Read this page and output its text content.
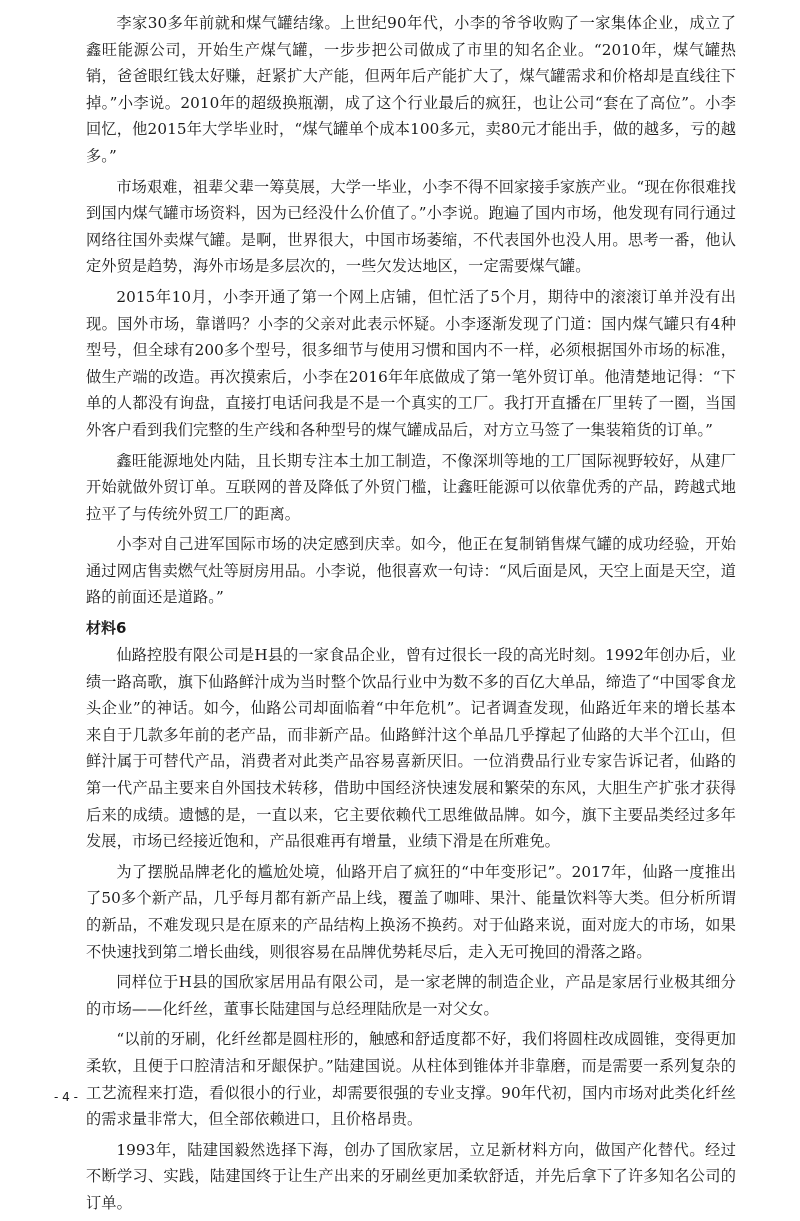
李家30多年前就和煤气罐结缘。上世纪90年代，小李的爷爷收购了一家集体企业，成立了鑫旺能源公司，开始生产煤气罐，一步步把公司做成了市里的知名企业。“2010年，煤气罐热销，爸爸眼红钱太好赚，赶紧扩大产能，但两年后产能扩大了，煤气罐需求和价格却是直线往下掉。”小李说。2010年的超级换瓶潮，成了这个行业最后的疯狂，也让公司“套在了高位”。小李回忆，他2015年大学毕业时，“煤气罐单个成本100多元，卖80元才能出手，做的越多，亏的越多。”

市场艰难，祖辈父辈一筹莫展，大学一毕业，小李不得不回家接手家族产业。“现在你很难找到国内煤气罐市场资料，因为已经没什么价值了。”小李说。跑遍了国内市场，他发现有同行通过网络往国外卖煤气罐。是啊，世界很大，中国市场萎缩，不代表国外也没人用。思考一番，他认定外贸是趋势，海外市场是多层次的，一些欠发达地区，一定需要煤气罐。

2015年10月，小李开通了第一个网上店铺，但忙活了5个月，期待中的滚滚订单并没有出现。国外市场，靠谱吗？小李的父亲对此表示怀疑。小李逐渐发现了门道：国内煤气罐只有4种型号，但全球有200多个型号，很多细节与使用习惯和国内不一样，必须根据国外市场的标准，做生产端的改造。再次摸索后，小李在2016年年底做成了第一笔外贸订单。他清楚地记得：“下单的人都没有询盘，直接打电话问我是不是一个真实的工厂。我打开直播在厂里转了一圈，当国外客户看到我们完整的生产线和各种型号的煤气罐成品后，对方立马签了一集装箱货的订单。”

鑫旺能源地处内陆，且长期专注本土加工制造，不像深圳等地的工厂国际视野较好，从建厂开始就做外贸订单。互联网的普及降低了外贸门槛，让鑫旺能源可以依靠优秀的产品，跨越式地拉平了与传统外贸工厂的距离。

小李对自己进军国际市场的决定感到庆幸。如今，他正在复制销售煤气罐的成功经验，开始通过网店售卖燃气灶等厨房用品。小李说，他很喜欢一句诗：“风后面是风，天空上面是天空，道路的前面还是道路。”

材料6

仙路控股有限公司是H县的一家食品企业，曾有过很长一段的高光时刻。1992年创办后，业绩一路高歌，旗下仙路鲜汁成为当时整个饮品行业中为数不多的百亿大单品，缔造了“中国零食龙头企业”的神话。如今，仙路公司却面临着“中年危机”。记者调查发现，仙路近年来的增长基本来自于几款多年前的老产品，而非新产品。仙路鲜汁这个单品几乎撑起了仙路的大半个江山，但鲜汁属于可替代产品，消费者对此类产品容易喜新厌旧。一位消费品行业专家告诉记者，仙路的第一代产品主要来自外国技术转移，借助中国经济快速发展和繁荣的东风，大胆生产扩张才获得后来的成绩。遗憾的是，一直以来，它主要依赖代工思维做品牌。如今，旗下主要品类经过多年发展，市场已经接近饱和，产品很难再有增量，业绩下滑是在所难免。

为了摆脱品牌老化的尴尬处境，仙路开启了疯狂的“中年变形记”。2017年，仙路一度推出了50多个新产品，几乎每月都有新产品上线，覆盖了咖啡、果汁、能量饮料等大类。但分析所谓的新品，不难发现只是在原来的产品结构上换汤不换药。对于仙路来说，面对庞大的市场，如果不快速找到第二增长曲线，则很容易在品牌优势耗尽后，走入无可挽回的滑落之路。

同样位于H县的国欣家居用品有限公司，是一家老牌的制造企业，产品是家居行业极其细分的市场——化纤丝，董事长陆建国与总经理陆欣是一对父女。

“以前的牙刷，化纤丝都是圆柱形的，触感和舒适度都不好，我们将圆柱改成圆锥，变得更加柔软，且便于口腔清洁和牙龈保护。”陆建国说。从柱体到锥体并非靠磨，而是需要一系列复杂的工艺流程来打造，看似很小的行业，却需要很强的专业支撑。90年代初，国内市场对此类化纤丝的需求量非常大，但全部依赖进口，且价格昂贵。

1993年，陆建国毅然选择下海，创办了国欣家居，立足新材料方向，做国产化替代。经过不断学习、实践，陆建国终于让生产出来的牙刷丝更加柔软舒适，并先后拿下了许多知名公司的订单。

- 4 -
